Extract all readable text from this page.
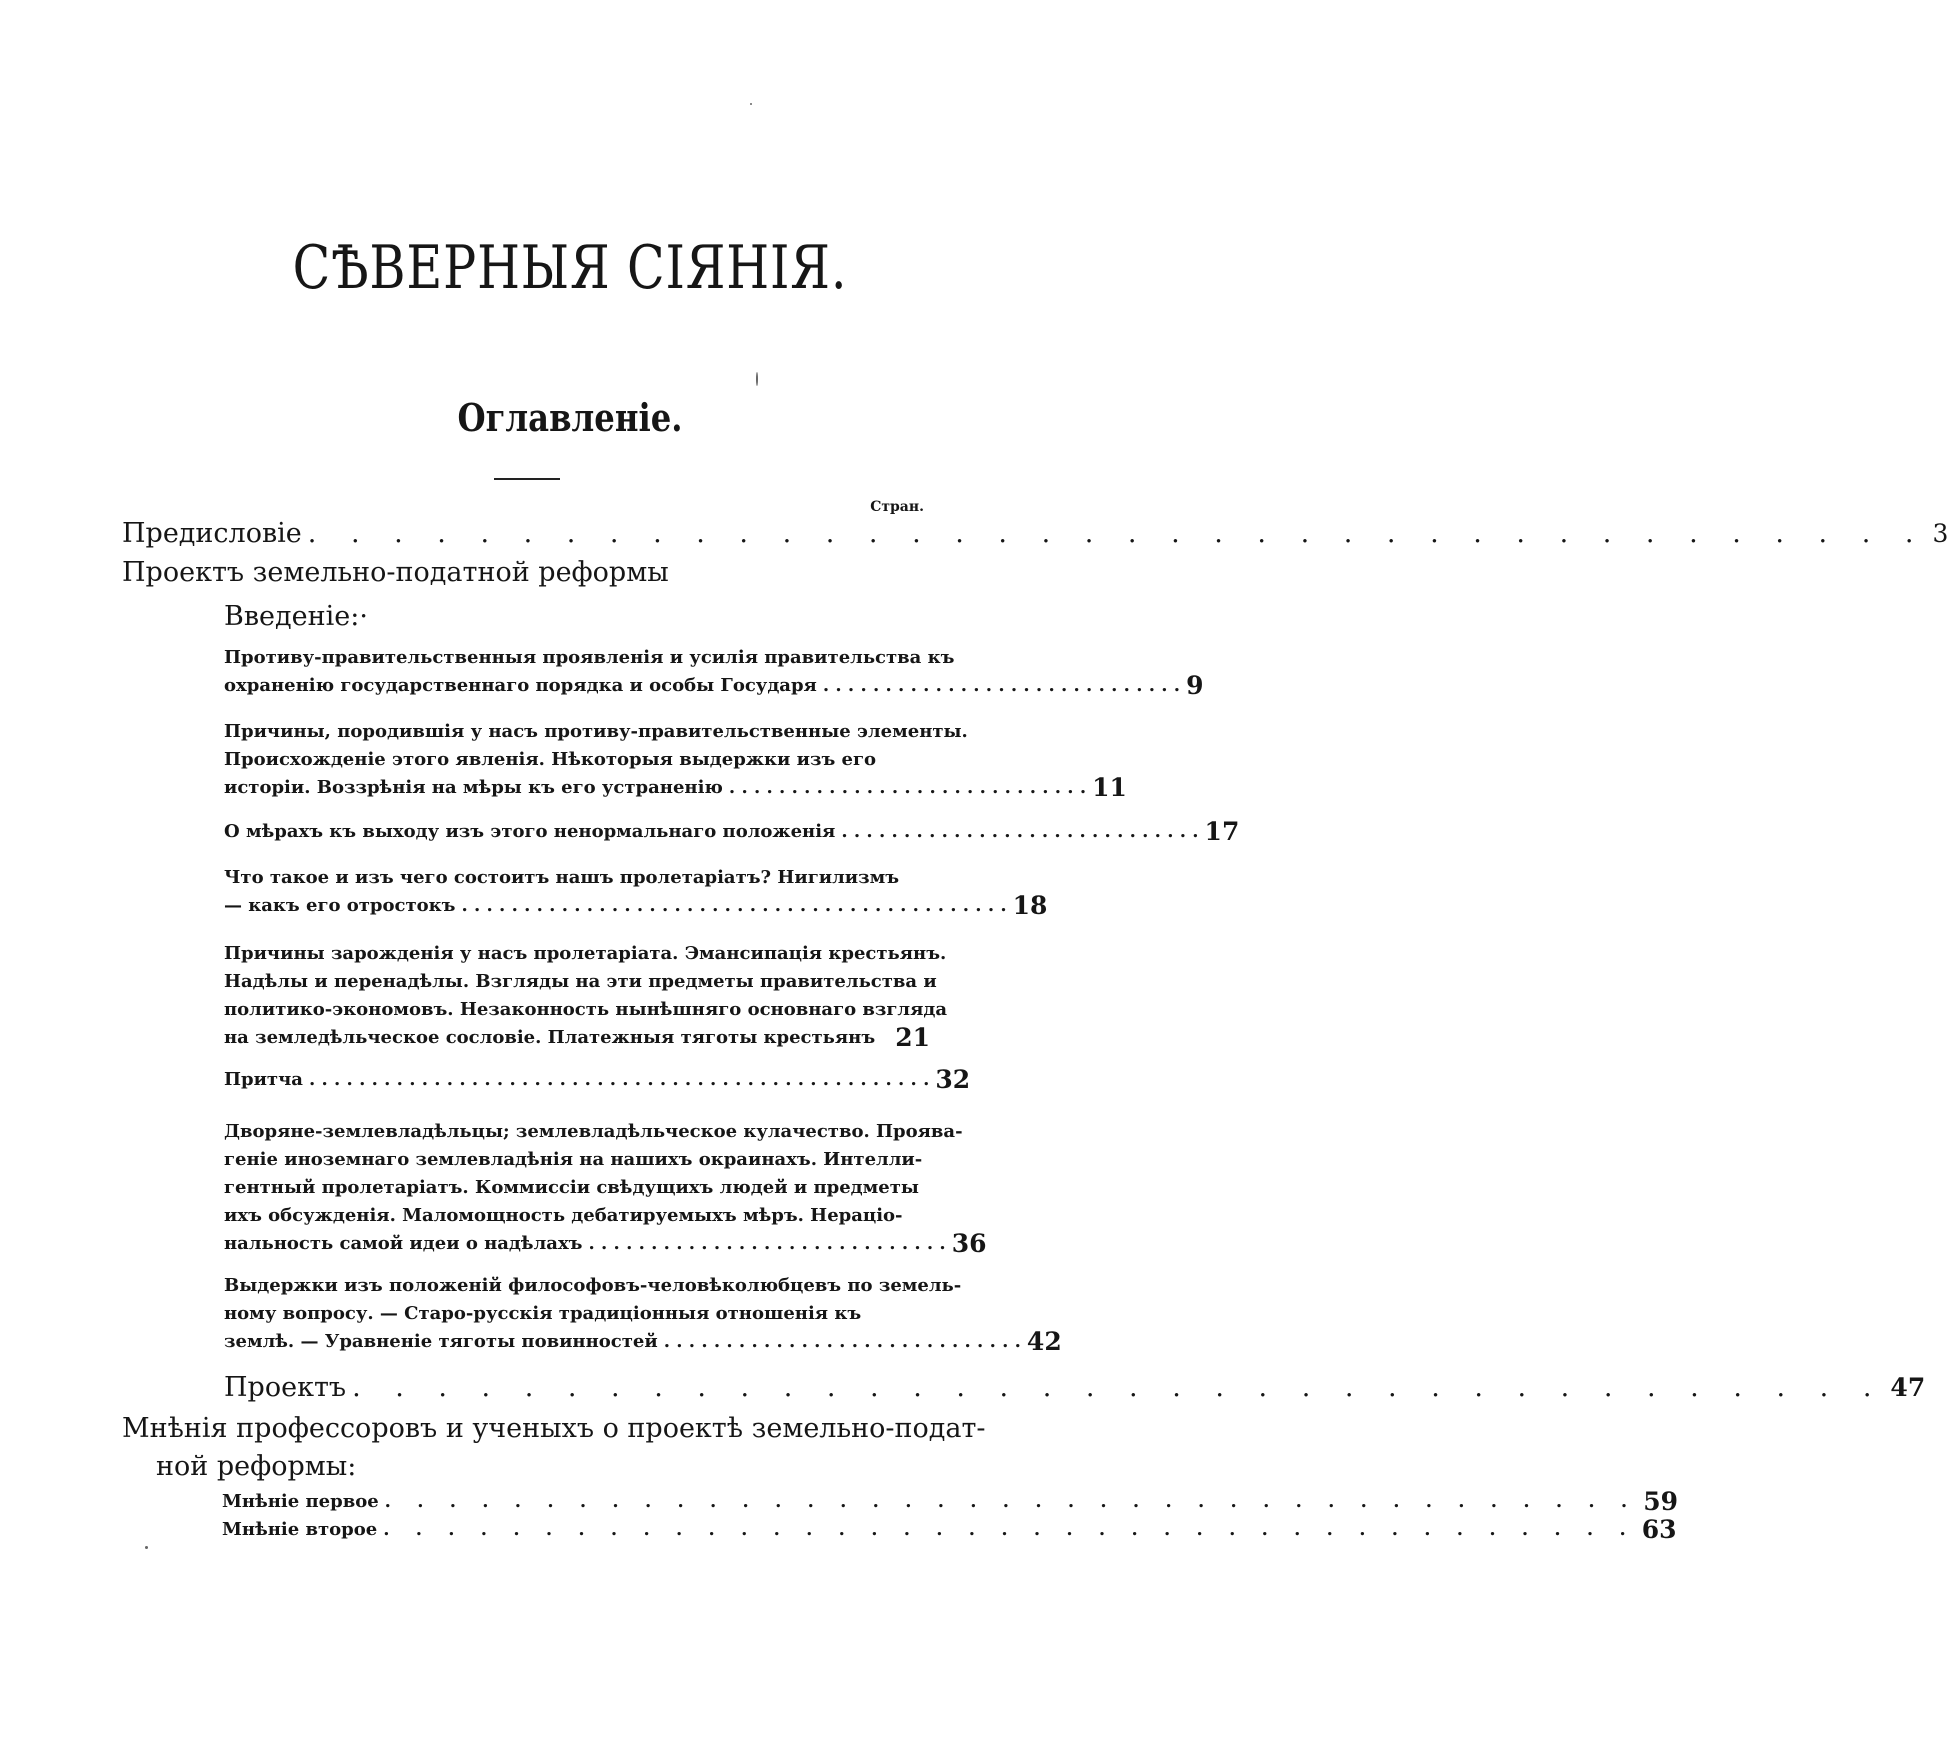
СѢВЕРНЫЯ СІЯНІЯ.
Оглавленіе.
Стран.
Предисловіе . . . . . . . . . . . . . . . . . . . . . . . . . . . . . . . . . . . . . . 3
Проектъ земельно-податной реформы
Введеніе:·
Противу-правительственныя проявленія и усилія правительства къ
охраненію государственнаго порядка и особы Государя . . . . . . . . . . . . . . . . . . . . . . . . . . . . . 9
Причины, породившія у насъ противу-правительственные элементы.
Происхожденіе этого явленія. Нѣкоторыя выдержки изъ его
исторіи. Воззрѣнія на мѣры къ его устраненію . . . . . . . . . . . . . . . . . . . . . . . . . . . . . 11
О мѣрахъ къ выходу изъ этого ненормальнаго положенія . . . . . . . . . . . . . . . . . . . . . . . . . . . . . 17
Что такое и изъ чего состоитъ нашъ пролетаріатъ? Нигилизмъ
— какъ его отростокъ . . . . . . . . . . . . . . . . . . . . . . . . . . . . . . . . . . . . . . . . . . . . 18
Причины зарожденія у насъ пролетаріата. Эмансипація крестьянъ.
Надѣлы и перенадѣлы. Взгляды на эти предметы правительства и
политико-экономовъ. Незаконность нынѣшняго основнаго взгляда
на земледѣльческое сословіе. Платежныя тяготы крестьянъ 21
Притча . . . . . . . . . . . . . . . . . . . . . . . . . . . . . . . . . . . . . . . . . . . . . . . . . . 32
Дворяне-землевладѣльцы; землевладѣльческое кулачество. Проява-
генiе иноземнаго землевладѣнія на нашихъ окраинахъ. Интелли-
гентный пролетаріатъ. Коммиссіи свѣдущихъ людей и предметы
ихъ обсужденія. Маломощность дебатируемыхъ мѣръ. Нераціо-
нальность самой идеи о надѣлахъ . . . . . . . . . . . . . . . . . . . . . . . . . . . . . 36
Выдержки изъ положеній философовъ-человѣколюбцевъ по земель-
ному вопросу. — Старо-русскія традиціонныя отношенія къ
землѣ. — Уравненіе тяготы повинностей . . . . . . . . . . . . . . . . . . . . . . . . . . . . . 42
Проектъ . . . . . . . . . . . . . . . . . . . . . . . . . . . . . . . . . . . . 47
Мнѣнія профессоровъ и ученыхъ о проектѣ земельно-подат-
ной реформы:
Мнѣніе первое . . . . . . . . . . . . . . . . . . . . . . . . . . . . . . . . . . . . . . . 59
Мнѣніе второе . . . . . . . . . . . . . . . . . . . . . . . . . . . . . . . . . . . . . . . 63
